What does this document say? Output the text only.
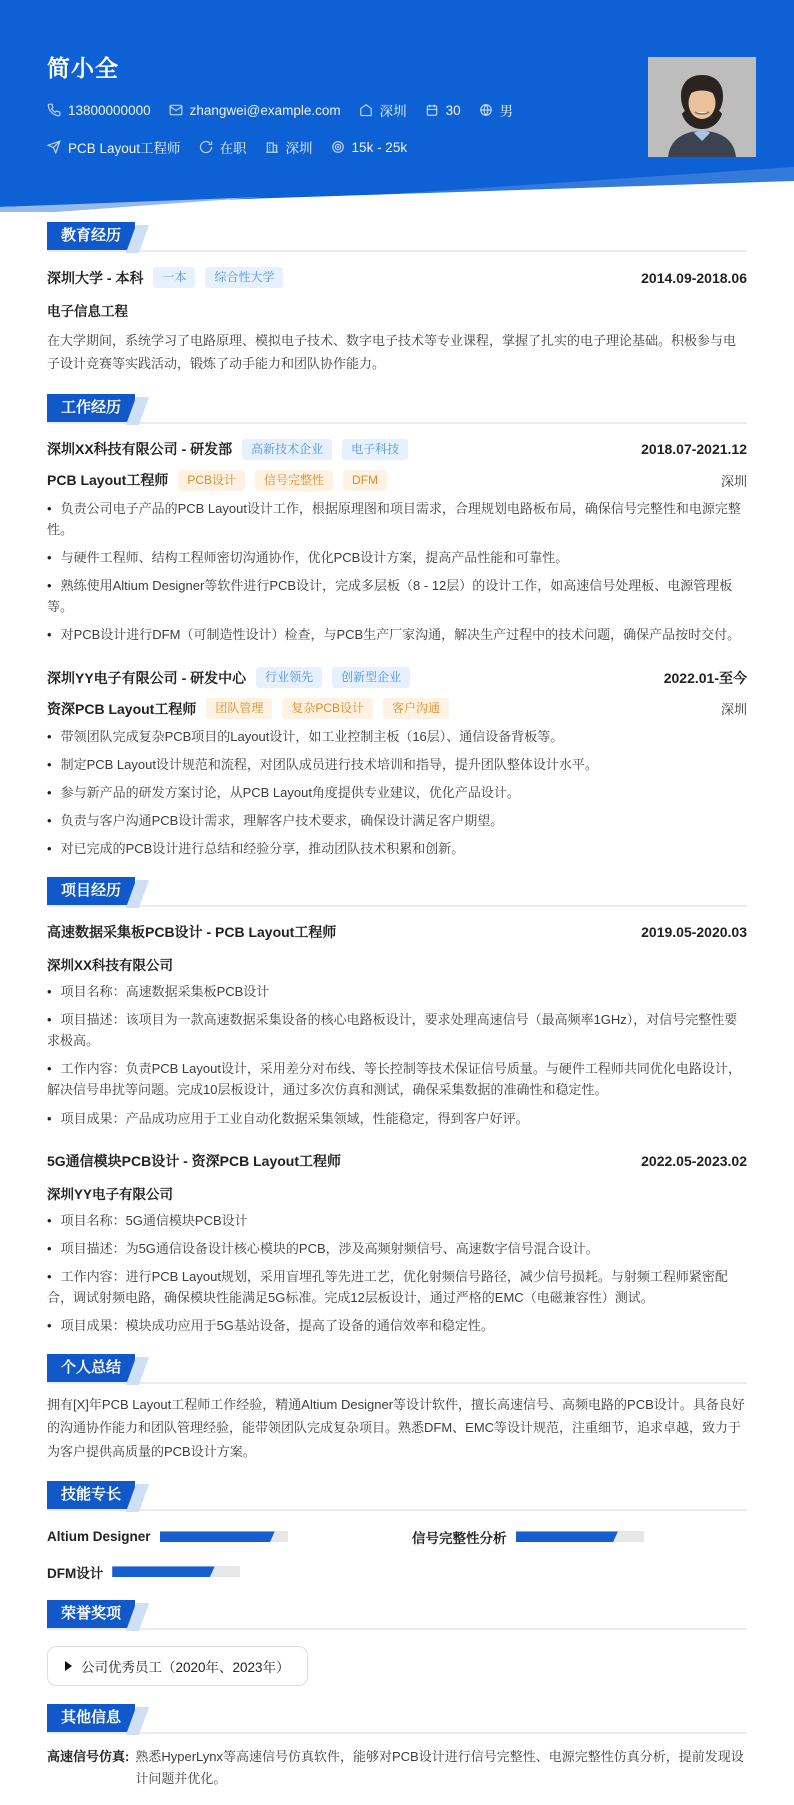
简小全
13800000000	zhangwei@example.com	深圳	30	男
PCB Layout工程师	在职	深圳	15k - 25k
教育经历
深圳大学 - 本科	一本	综合性大学	2014.09-2018.06
电子信息工程
在大学期间，系统学习了电路原理、模拟电子技术、数字电子技术等专业课程，掌握了扎实的电子理论基础。积极参与电子设计竞赛等实践活动，锻炼了动手能力和团队协作能力。
工作经历
深圳XX科技有限公司 - 研发部	高新技术企业	电子科技	2018.07-2021.12
PCB Layout工程师	PCB设计	信号完整性	DFM	深圳
• 负责公司电子产品的PCB Layout设计工作，根据原理图和项目需求，合理规划电路板布局，确保信号完整性和电源完整性。
• 与硬件工程师、结构工程师密切沟通协作，优化PCB设计方案，提高产品性能和可靠性。
• 熟练使用Altium Designer等软件进行PCB设计，完成多层板（8 - 12层）的设计工作，如高速信号处理板、电源管理板等。
• 对PCB设计进行DFM（可制造性设计）检查，与PCB生产厂家沟通，解决生产过程中的技术问题，确保产品按时交付。
深圳YY电子有限公司 - 研发中心	行业领先	创新型企业	2022.01-至今
资深PCB Layout工程师	团队管理	复杂PCB设计	客户沟通	深圳
• 带领团队完成复杂PCB项目的Layout设计，如工业控制主板（16层）、通信设备背板等。
• 制定PCB Layout设计规范和流程，对团队成员进行技术培训和指导，提升团队整体设计水平。
• 参与新产品的研发方案讨论，从PCB Layout角度提供专业建议，优化产品设计。
• 负责与客户沟通PCB设计需求，理解客户技术要求，确保设计满足客户期望。
• 对已完成的PCB设计进行总结和经验分享，推动团队技术积累和创新。
项目经历
高速数据采集板PCB设计 - PCB Layout工程师	2019.05-2020.03
深圳XX科技有限公司
• 项目名称：高速数据采集板PCB设计
• 项目描述：该项目为一款高速数据采集设备的核心电路板设计，要求处理高速信号（最高频率1GHz），对信号完整性要求极高。
• 工作内容：负责PCB Layout设计，采用差分对布线、等长控制等技术保证信号质量。与硬件工程师共同优化电路设计，解决信号串扰等问题。完成10层板设计，通过多次仿真和测试，确保采集数据的准确性和稳定性。
• 项目成果：产品成功应用于工业自动化数据采集领域，性能稳定，得到客户好评。
5G通信模块PCB设计 - 资深PCB Layout工程师	2022.05-2023.02
深圳YY电子有限公司
• 项目名称：5G通信模块PCB设计
• 项目描述：为5G通信设备设计核心模块的PCB，涉及高频射频信号、高速数字信号混合设计。
• 工作内容：进行PCB Layout规划，采用盲埋孔等先进工艺，优化射频信号路径，减少信号损耗。与射频工程师紧密配合，调试射频电路，确保模块性能满足5G标准。完成12层板设计，通过严格的EMC（电磁兼容性）测试。
• 项目成果：模块成功应用于5G基站设备，提高了设备的通信效率和稳定性。
个人总结
拥有[X]年PCB Layout工程师工作经验，精通Altium Designer等设计软件，擅长高速信号、高频电路的PCB设计。具备良好的沟通协作能力和团队管理经验，能带领团队完成复杂项目。熟悉DFM、EMC等设计规范，注重细节，追求卓越，致力于为客户提供高质量的PCB设计方案。
技能专长
Altium Designer	信号完整性分析
DFM设计
荣誉奖项
公司优秀员工（2020年、2023年）
其他信息
高速信号仿真: 熟悉HyperLynx等高速信号仿真软件，能够对PCB设计进行信号完整性、电源完整性仿真分析，提前发现设计问题并优化。
